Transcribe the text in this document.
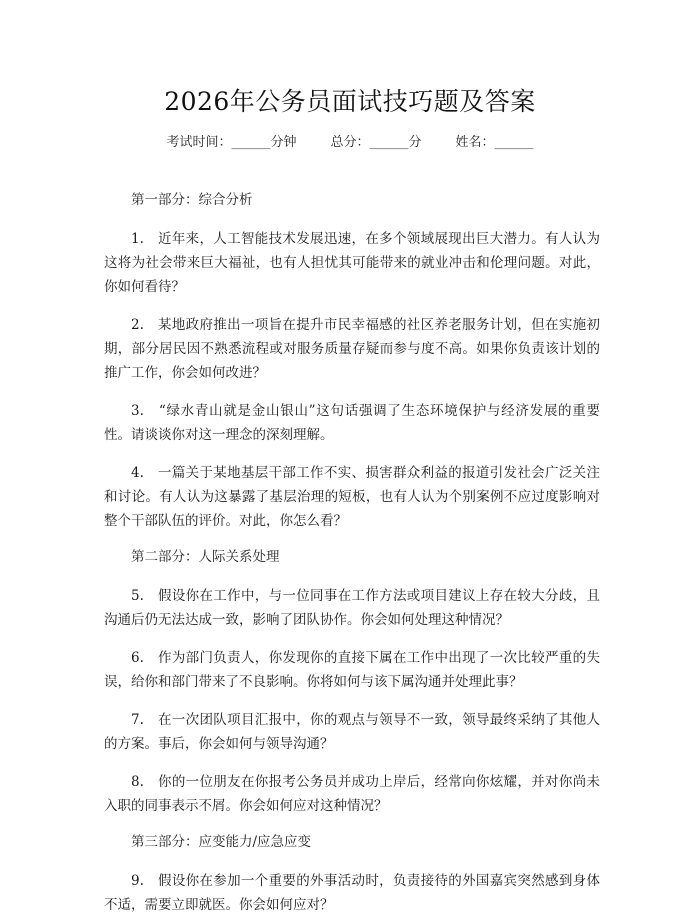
2026年公务员面试技巧题及答案
考试时间：______分钟	总分：______分	姓名：______

第一部分：综合分析

1.　近年来，人工智能技术发展迅速，在多个领域展现出巨大潜力。有人认为这将为社会带来巨大福祉，也有人担忧其可能带来的就业冲击和伦理问题。对此，你如何看待？

2.　某地政府推出一项旨在提升市民幸福感的社区养老服务计划，但在实施初期，部分居民因不熟悉流程或对服务质量存疑而参与度不高。如果你负责该计划的推广工作，你会如何改进？

3.　“绿水青山就是金山银山”这句话强调了生态环境保护与经济发展的重要性。请谈谈你对这一理念的深刻理解。

4.　一篇关于某地基层干部工作不实、损害群众利益的报道引发社会广泛关注和讨论。有人认为这暴露了基层治理的短板，也有人认为个别案例不应过度影响对整个干部队伍的评价。对此，你怎么看？

第二部分：人际关系处理

5.　假设你在工作中，与一位同事在工作方法或项目建议上存在较大分歧，且沟通后仍无法达成一致，影响了团队协作。你会如何处理这种情况？

6.　作为部门负责人，你发现你的直接下属在工作中出现了一次比较严重的失误，给你和部门带来了不良影响。你将如何与该下属沟通并处理此事？

7.　在一次团队项目汇报中，你的观点与领导不一致，领导最终采纳了其他人的方案。事后，你会如何与领导沟通？

8.　你的一位朋友在你报考公务员并成功上岸后，经常向你炫耀，并对你尚未入职的同事表示不屑。你会如何应对这种情况？

第三部分：应变能力/应急应变

9.　假设你在参加一个重要的外事活动时，负责接待的外国嘉宾突然感到身体不适，需要立即就医。你会如何应对？
